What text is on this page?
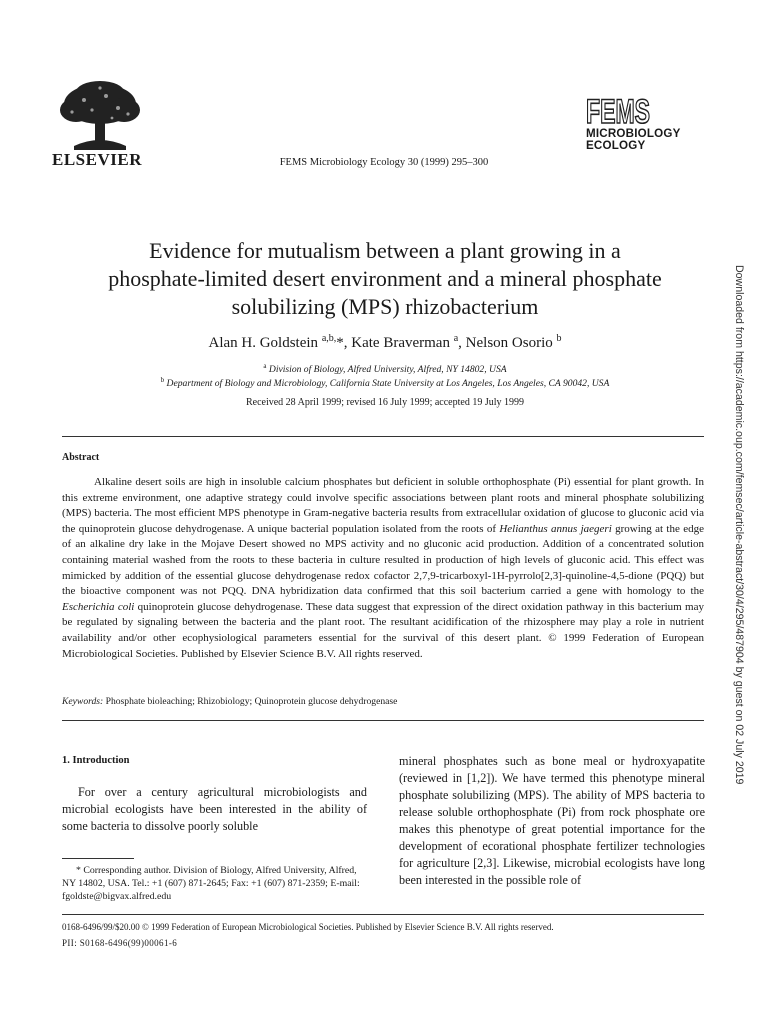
ELSEVIER	FEMS Microbiology Ecology 30 (1999) 295–300
FEMS
MICROBIOLOGY
ECOLOGY
Evidence for mutualism between a plant growing in a
phosphate-limited desert environment and a mineral phosphate
solubilizing (MPS) rhizobacterium
Alan H. Goldstein $^{a,b,}$*, Kate Braverman $^a$, Nelson Osorio $^b$
$^a$ Division of Biology, Alfred University, Alfred, NY 14802, USA
$^b$ Department of Biology and Microbiology, California State University at Los Angeles, Los Angeles, CA 90042, USA
Received 28 April 1999; revised 16 July 1999; accepted 19 July 1999
Abstract
Alkaline desert soils are high in insoluble calcium phosphates but deficient in soluble orthophosphate (Pi) essential for plant growth. In this extreme environment, one adaptive strategy could involve specific associations between plant roots and mineral phosphate solubilizing (MPS) bacteria. The most efficient MPS phenotype in Gram-negative bacteria results from extracellular oxidation of glucose to gluconic acid via the quinoprotein glucose dehydrogenase. A unique bacterial population isolated from the roots of Helianthus annus jaegeri growing at the edge of an alkaline dry lake in the Mojave Desert showed no MPS activity and no gluconic acid production. Addition of a concentrated solution containing material washed from the roots to these bacteria in culture resulted in production of high levels of gluconic acid. This effect was mimicked by addition of the essential glucose dehydrogenase redox cofactor 2,7,9-tricarboxyl-1H-pyrrolo[2,3]-quinoline-4,5-dione (PQQ) but the bioactive component was not PQQ. DNA hybridization data confirmed that this soil bacterium carried a gene with homology to the Escherichia coli quinoprotein glucose dehydrogenase. These data suggest that expression of the direct oxidation pathway in this bacterium may be regulated by signaling between the bacteria and the plant root. The resultant acidification of the rhizosphere may play a role in nutrient availability and/or other ecophysiological parameters essential for the survival of this desert plant. © 1999 Federation of European Microbiological Societies. Published by Elsevier Science B.V. All rights reserved.
Keywords: Phosphate bioleaching; Rhizobiology; Quinoprotein glucose dehydrogenase
1. Introduction
For over a century agricultural microbiologists and microbial ecologists have been interested in the ability of some bacteria to dissolve poorly soluble
mineral phosphates such as bone meal or hydroxyapatite (reviewed in [1,2]). We have termed this phenotype mineral phosphate solubilizing (MPS). The ability of MPS bacteria to release soluble orthophosphate (Pi) from rock phosphate ore makes this phenotype of great potential importance for the development of ecorational phosphate fertilizer technologies for agriculture [2,3]. Likewise, microbial ecologists have long been interested in the possible role of
* Corresponding author. Division of Biology, Alfred University, Alfred, NY 14802, USA. Tel.: +1 (607) 871-2645; Fax: +1 (607) 871-2359; E-mail: fgoldste@bigvax.alfred.edu
0168-6496/99/$20.00 © 1999 Federation of European Microbiological Societies. Published by Elsevier Science B.V. All rights reserved.
PII: S0168-6496(99)00061-6
Downloaded from https://academic.oup.com/femsec/article-abstract/30/4/295/487904 by guest on 02 July 2019
